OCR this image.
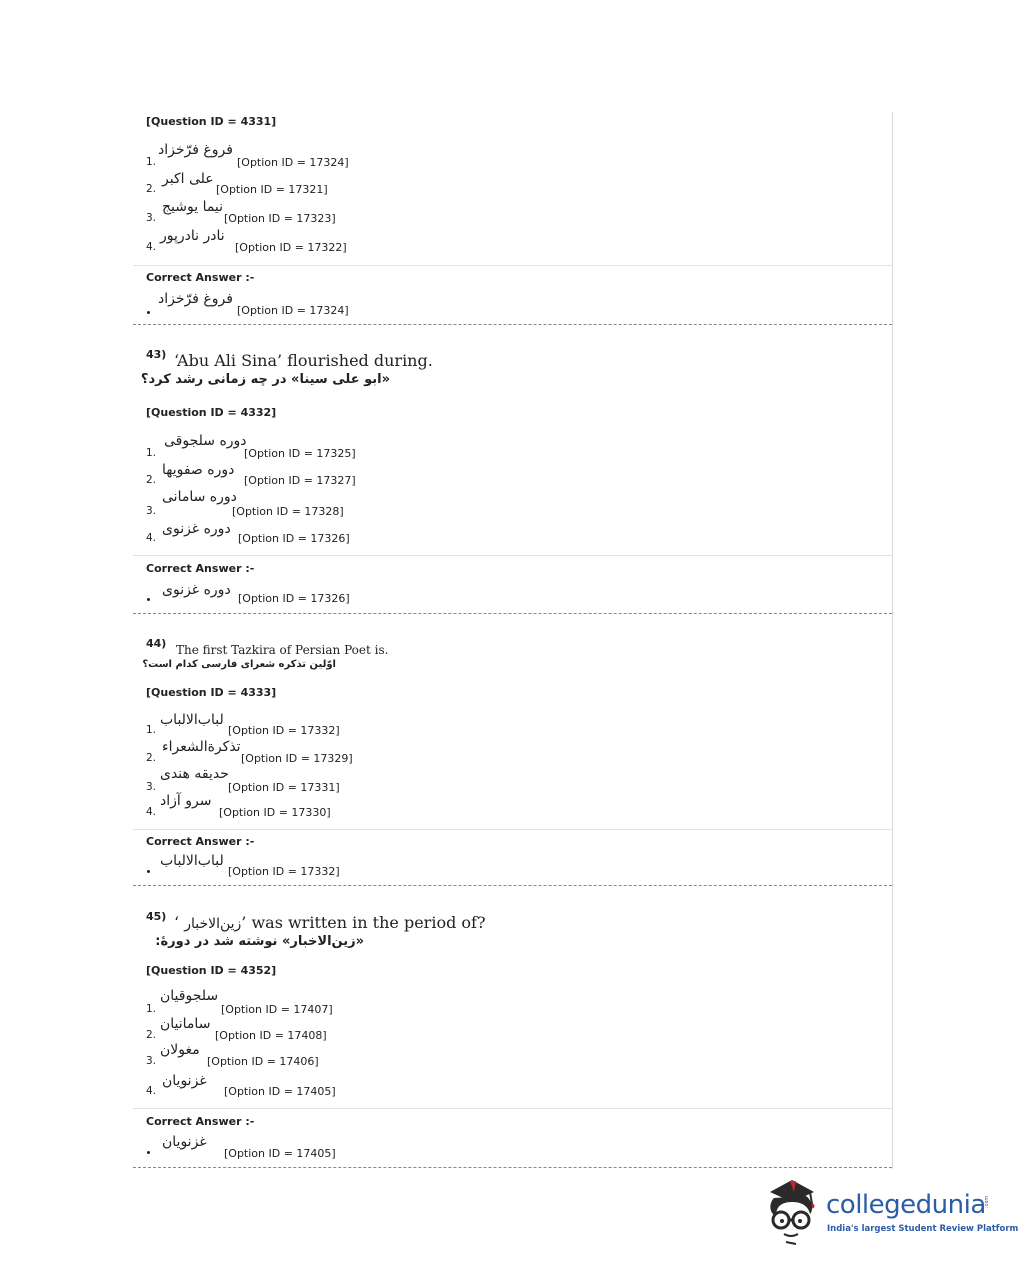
[Question ID = 4331]
1.
فروغ فرّخزاد
[Option ID = 17324]
2.
علی اکبر
[Option ID = 17321]
3.
نیما یوشیج
[Option ID = 17323]
4.
نادر نادرپور
[Option ID = 17322]
Correct Answer :-
فروغ فرّخزاد
[Option ID = 17324]
43) ‘Abu Ali Sina’ flourished during.
«ابو علی سینا» در چه زمانی رشد کرد؟
[Question ID = 4332]
1.
دوره سلجوقی
[Option ID = 17325]
2.
دوره صفویها
[Option ID = 17327]
3.
دوره سامانی
[Option ID = 17328]
4.
دوره غزنوی
[Option ID = 17326]
Correct Answer :-
دوره غزنوی
[Option ID = 17326]
44) The first Tazkira of Persian Poet is.
اوّلین تذکره شعرای فارسی کدام است؟
[Question ID = 4333]
1.
لباب‌الالباب
[Option ID = 17332]
2.
تذکرةالشعراء
[Option ID = 17329]
3.
حدیقه هندی
[Option ID = 17331]
4.
سرو آزاد
[Option ID = 17330]
Correct Answer :-
لباب‌الالباب
[Option ID = 17332]
45) ‘ زین‌الاخبار’ was written in the period of?
«زین‌الاخبار» نوشته شد در دورۀ:
[Question ID = 4352]
1.
سلجوقیان
[Option ID = 17407]
2.
سامانیان
[Option ID = 17408]
3.
مغولان
[Option ID = 17406]
4.
غزنویان
[Option ID = 17405]
Correct Answer :-
غزنویان
[Option ID = 17405]
collegedunia
.com
India's largest Student Review Platform
